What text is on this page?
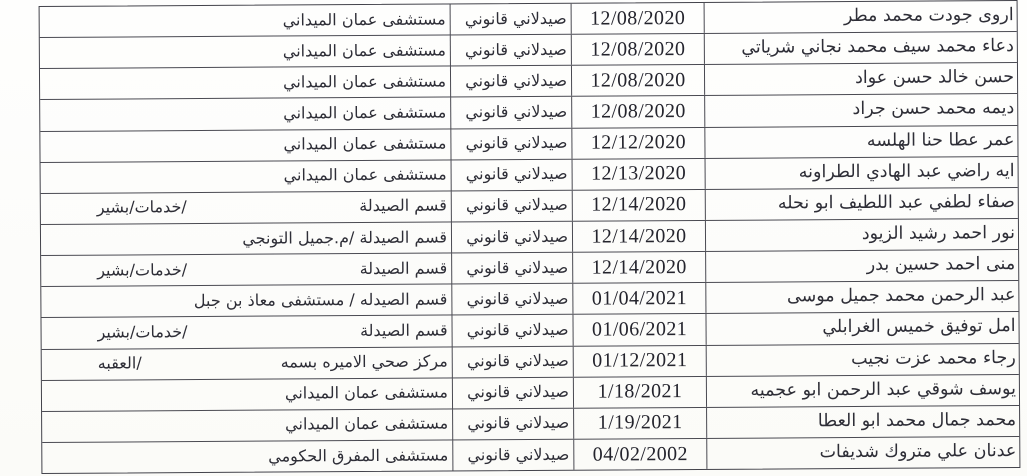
اروى جودت محمد مطر
12/08/2020
صيدلاني قانوني
مستشفى عمان الميداني
دعاء محمد سيف محمد نجاني شرياتي
12/08/2020
صيدلاني قانوني
مستشفى عمان الميداني
حسن خالد حسن عواد
12/08/2020
صيدلاني قانوني
مستشفى عمان الميداني
ديمه محمد حسن جراد
12/08/2020
صيدلاني قانوني
مستشفى عمان الميداني
عمر عطا حنا الهلسه
12/12/2020
صيدلاني قانوني
مستشفى عمان الميداني
ايه راضي عبد الهادي الطراونه
12/13/2020
صيدلاني قانوني
مستشفى عمان الميداني
صفاء لطفي عبد اللطيف ابو نحله
12/14/2020
صيدلاني قانوني
قسم الصيدلة
/خدمات/بشير
نور احمد رشيد الزيود
12/14/2020
صيدلاني قانوني
قسم الصيدلة /م.جميل التونجي
منى احمد حسين بدر
12/14/2020
صيدلاني قانوني
قسم الصيدلة
/خدمات/بشير
عبد الرحمن محمد جميل موسى
01/04/2021
صيدلاني قانوني
قسم الصيدله / مستشفى معاذ بن جبل
امل توفيق خميس الغرابلي
01/06/2021
صيدلاني قانوني
قسم الصيدلة
/خدمات/بشير
رجاء محمد عزت نجيب
01/12/2021
صيدلاني قانوني
مركز صحي الاميره بسمه
/العقبه
يوسف شوقي عبد الرحمن ابو عجميه
1/18/2021
صيدلاني قانوني
مستشفى عمان الميداني
محمد جمال محمد ابو العطا
1/19/2021
صيدلاني قانوني
مستشفى عمان الميداني
عدنان علي متروك شديفات
04/02/2002
صيدلاني قانوني
مستشفى المفرق الحكومي
